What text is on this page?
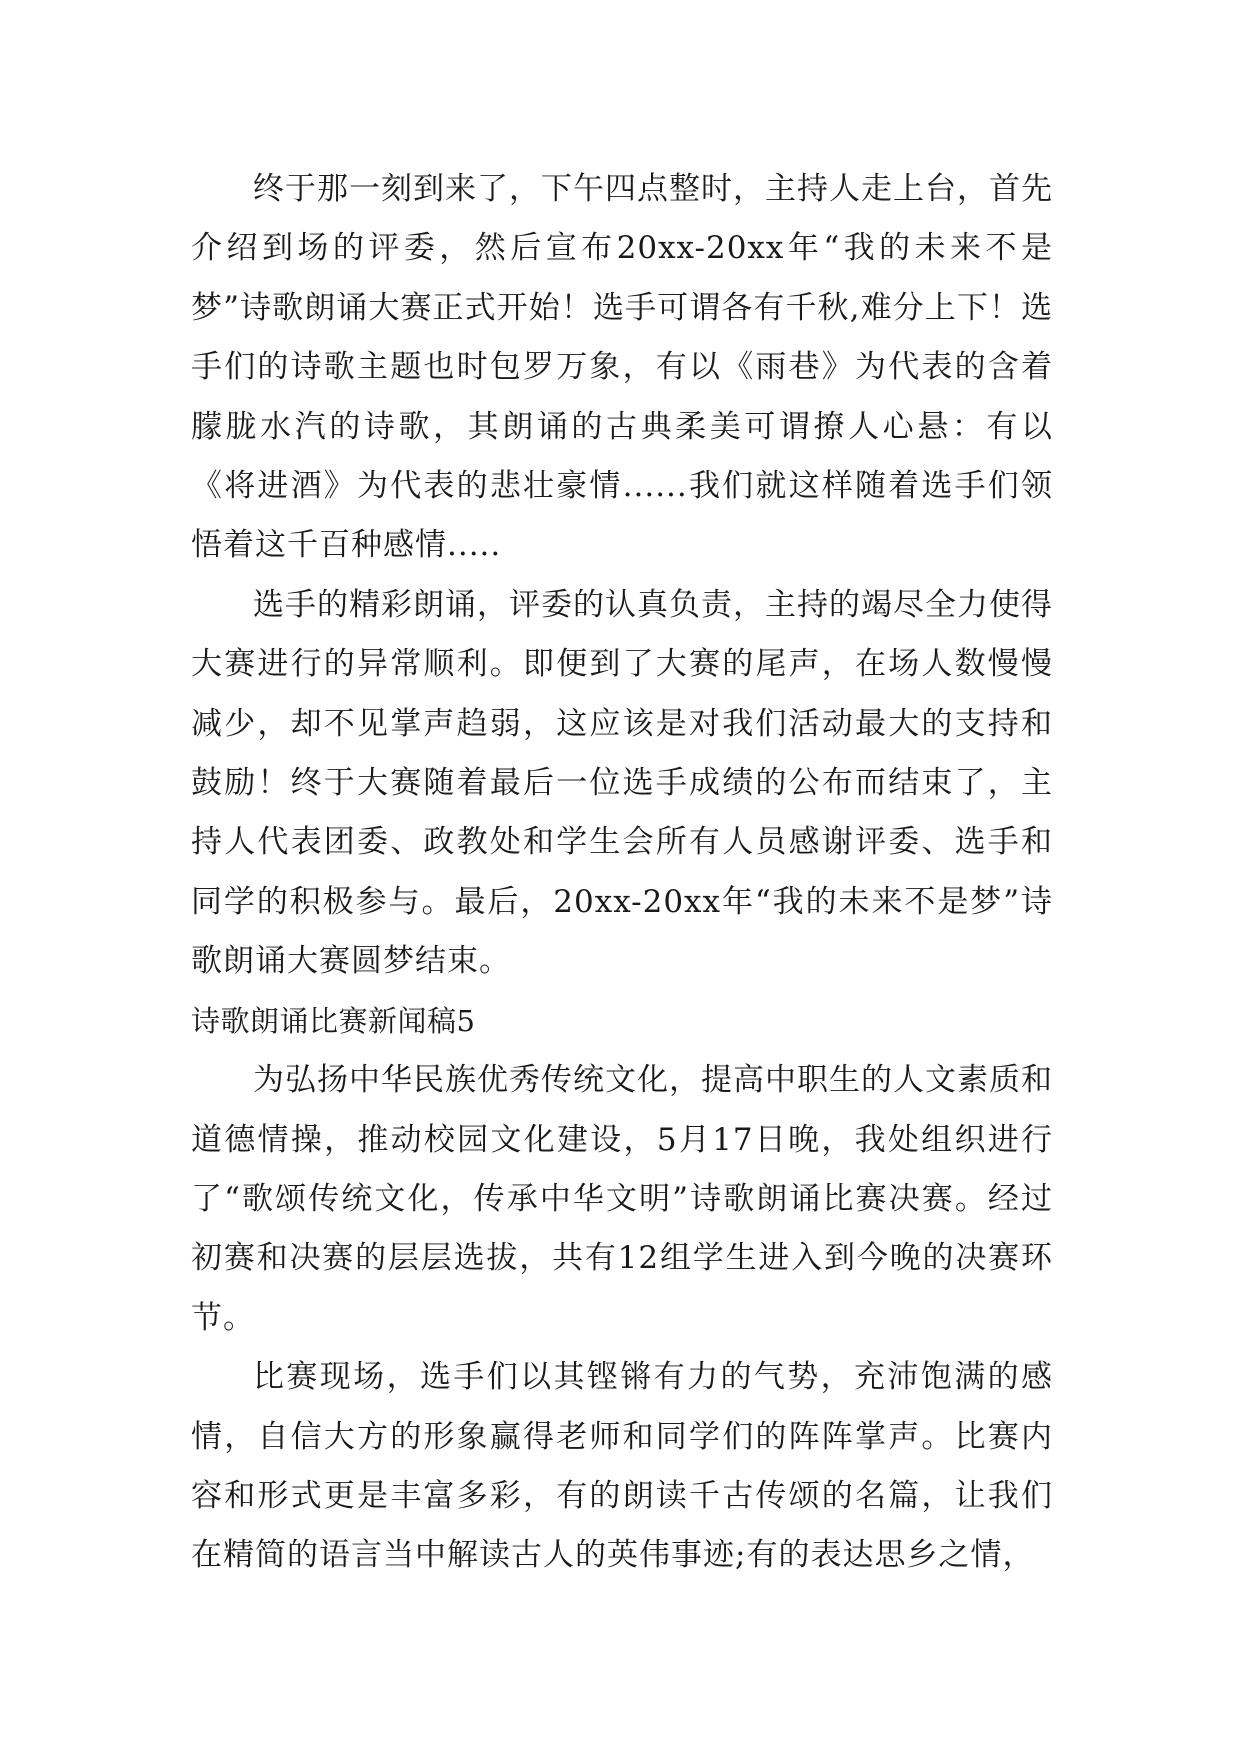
终于那一刻到来了，下午四点整时，主持人走上台，首先介绍到场的评委，然后宣布20xx-20xx年“我的未来不是梦”诗歌朗诵大赛正式开始！选手可谓各有千秋,难分上下！选手们的诗歌主题也时包罗万象，有以《雨巷》为代表的含着朦胧水汽的诗歌，其朗诵的古典柔美可谓撩人心悬：有以《将进酒》为代表的悲壮豪情......我们就这样随着选手们领悟着这千百种感情.....

选手的精彩朗诵，评委的认真负责，主持的竭尽全力使得大赛进行的异常顺利。即便到了大赛的尾声，在场人数慢慢减少，却不见掌声趋弱，这应该是对我们活动最大的支持和鼓励！终于大赛随着最后一位选手成绩的公布而结束了，主持人代表团委、政教处和学生会所有人员感谢评委、选手和同学的积极参与。最后，20xx-20xx年“我的未来不是梦”诗歌朗诵大赛圆梦结束。

诗歌朗诵比赛新闻稿5

为弘扬中华民族优秀传统文化，提高中职生的人文素质和道德情操，推动校园文化建设，5月17日晚，我处组织进行了“歌颂传统文化，传承中华文明”诗歌朗诵比赛决赛。经过初赛和决赛的层层选拔，共有12组学生进入到今晚的决赛环节。

比赛现场，选手们以其铿锵有力的气势，充沛饱满的感情，自信大方的形象赢得老师和同学们的阵阵掌声。比赛内容和形式更是丰富多彩，有的朗读千古传颂的名篇，让我们在精简的语言当中解读古人的英伟事迹;有的表达思乡之情，
